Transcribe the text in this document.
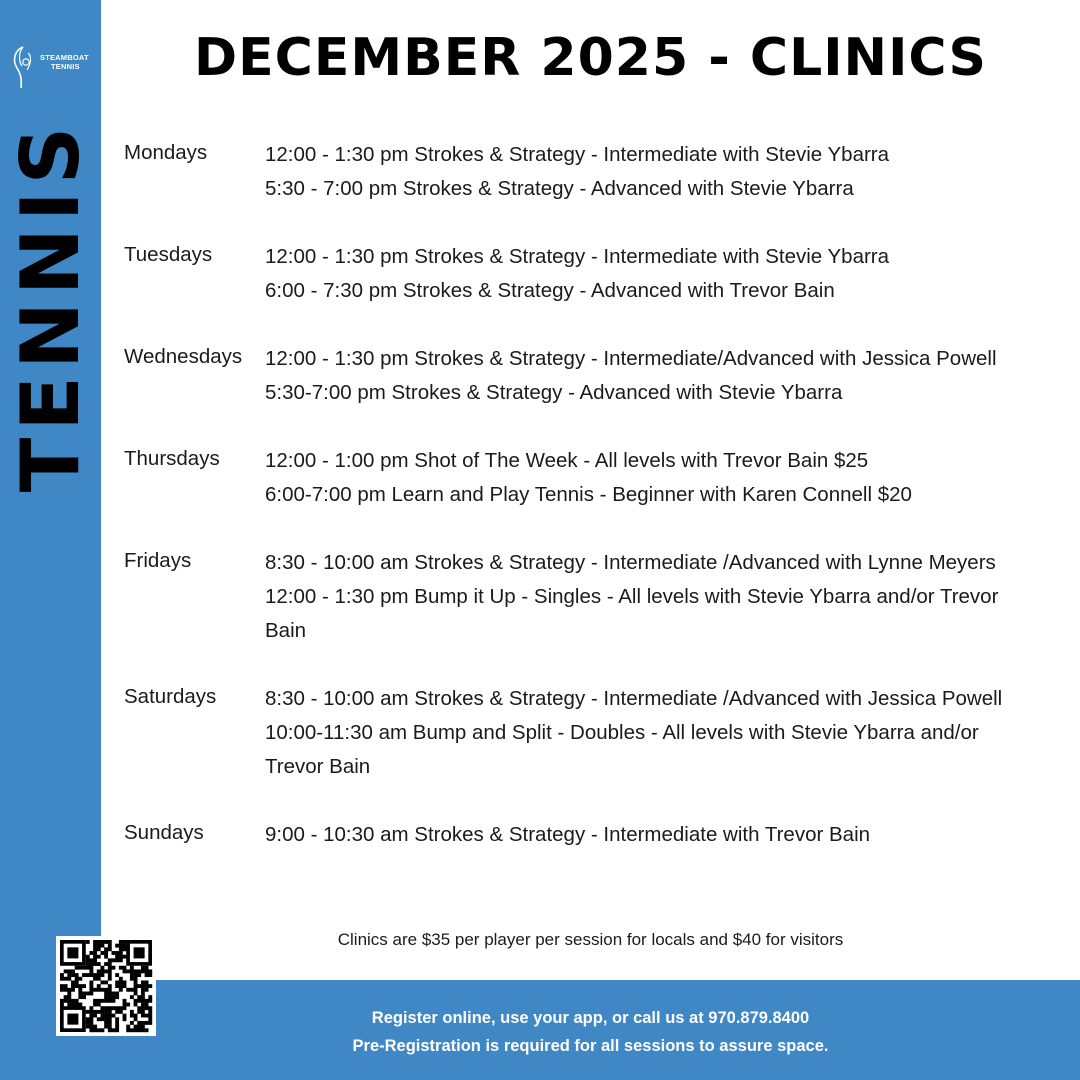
STEAMBOAT
TENNIS
TENNIS
DECEMBER 2025 - CLINICS
Mondays	12:00 - 1:30 pm Strokes & Strategy - Intermediate with Stevie Ybarra
5:30 - 7:00 pm Strokes & Strategy - Advanced with Stevie Ybarra
Tuesdays	12:00 - 1:30 pm Strokes & Strategy - Intermediate with Stevie Ybarra
6:00 - 7:30 pm Strokes & Strategy - Advanced with Trevor Bain
Wednesdays 12:00 - 1:30 pm Strokes & Strategy - Intermediate/Advanced with Jessica Powell
5:30-7:00 pm Strokes & Strategy - Advanced with Stevie Ybarra
Thursdays 12:00 - 1:00 pm Shot of The Week - All levels with Trevor Bain $25
6:00-7:00 pm Learn and Play Tennis - Beginner with Karen Connell $20
Fridays	8:30 - 10:00 am Strokes & Strategy - Intermediate /Advanced with Lynne Meyers
12:00 - 1:30 pm Bump it Up - Singles - All levels with Stevie Ybarra and/or Trevor Bain
Saturdays 8:30 - 10:00 am Strokes & Strategy - Intermediate /Advanced with Jessica Powell
10:00-11:30 am Bump and Split - Doubles - All levels with Stevie Ybarra and/or Trevor Bain
Sundays	9:00 - 10:30 am Strokes & Strategy - Intermediate with Trevor Bain
Clinics are $35 per player per session for locals and $40 for visitors
Register online, use your app, or call us at 970.879.8400
Pre-Registration is required for all sessions to assure space.
